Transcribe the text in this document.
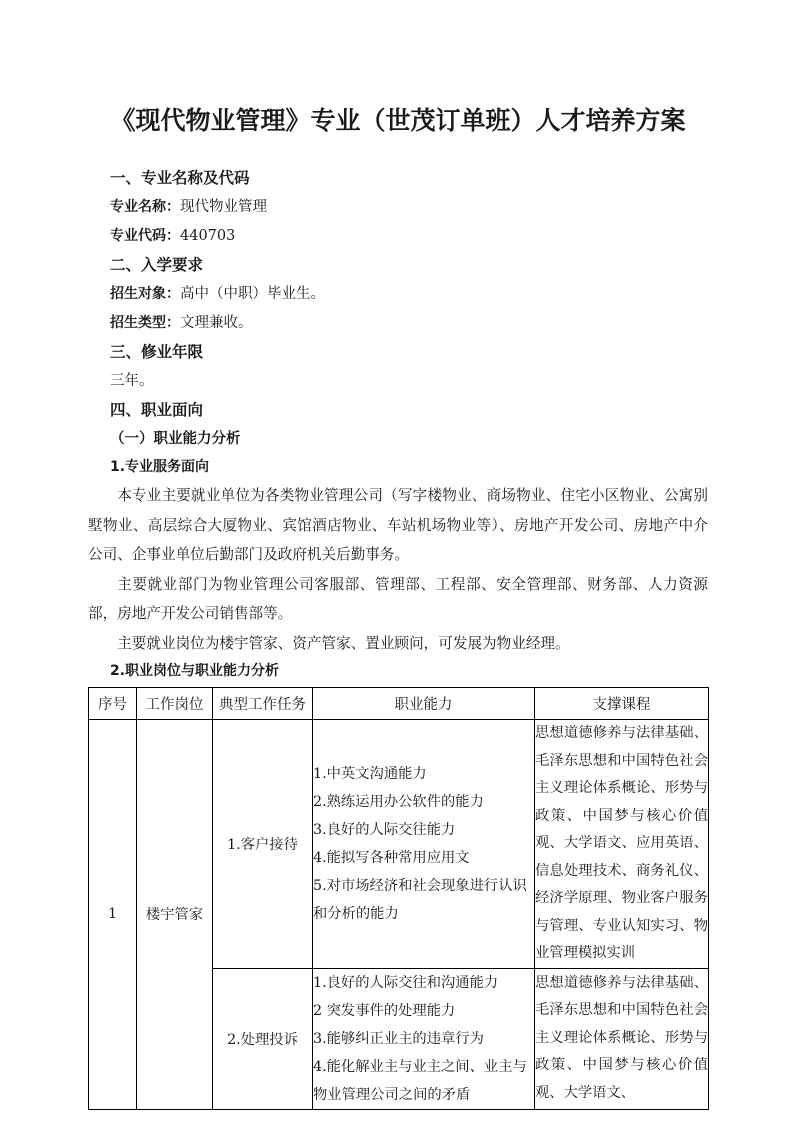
《现代物业管理》专业（世茂订单班）人才培养方案

一、专业名称及代码

专业名称：现代物业管理

专业代码：440703

二、入学要求

招生对象：高中（中职）毕业生。

招生类型：文理兼收。

三、修业年限

三年。

四、职业面向

（一）职业能力分析

1.专业服务面向

本专业主要就业单位为各类物业管理公司（写字楼物业、商场物业、住宅小区物业、公寓别墅物业、高层综合大厦物业、宾馆酒店物业、车站机场物业等）、房地产开发公司、房地产中介公司、企事业单位后勤部门及政府机关后勤事务。

主要就业部门为物业管理公司客服部、管理部、工程部、安全管理部、财务部、人力资源部，房地产开发公司销售部等。

主要就业岗位为楼宇管家、资产管家、置业顾问，可发展为物业经理。

2.职业岗位与职业能力分析

序号	工作岗位	典型工作任务	职业能力	支撑课程
1	楼宇管家	1.客户接待	1.中英文沟通能力
2.熟练运用办公软件的能力
3.良好的人际交往能力
4.能拟写各种常用应用文
5.对市场经济和社会现象进行认识和分析的能力	思想道德修养与法律基础、毛泽东思想和中国特色社会主义理论体系概论、形势与政策、中国梦与核心价值观、大学语文、应用英语、信息处理技术、商务礼仪、经济学原理、物业客户服务与管理、专业认知实习、物业管理模拟实训
		2.处理投诉	1.良好的人际交往和沟通能力
2 突发事件的处理能力
3.能够纠正业主的违章行为
4.能化解业主与业主之间、业主与物业管理公司之间的矛盾	思想道德修养与法律基础、毛泽东思想和中国特色社会主义理论体系概论、形势与政策、中国梦与核心价值观、大学语文、
